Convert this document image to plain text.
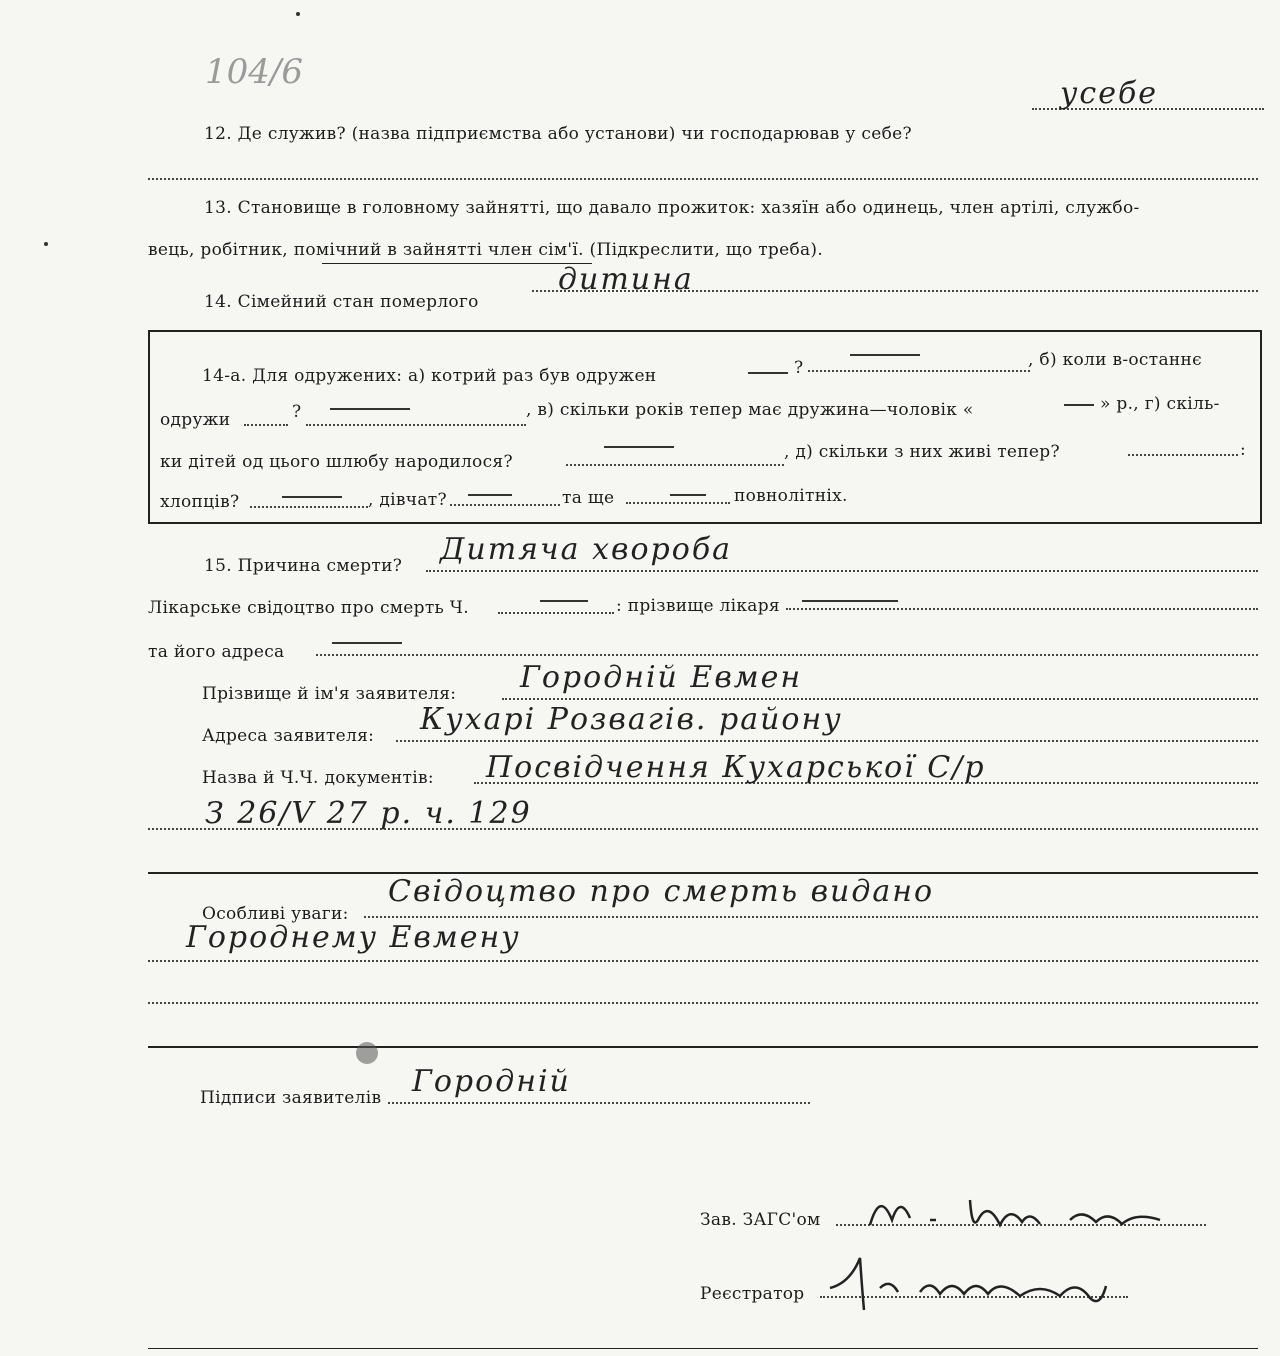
104/6
12. Де служив? (назва підприємства або установи) чи господарював у себе?
усебе
13. Становище в головному зайнятті, що давало прожиток: хазяїн або одинець, член артілі, службо-
вець, робітник, помічний в зайнятті член сім'ї. (Підкреслити, що треба).
14. Сімейний стан померлого
дитина
14-а. Для одружених: а) котрий раз був одружен	?	, б) коли в-останнє
одружи	?	, в) скільки років тепер має дружина—чоловік «	» р., г) скіль-
ки дітей од цього шлюбу народилося?	, д) скільки з них живі тепер?	:
хлопців?	, дівчат?	та ще	повнолітніх.
15. Причина смерти? Дитяча хвороба
Лікарське свідоцтво про смерть Ч.	: прізвище лікаря
та його адреса
Прізвище й ім'я заявителя: Городній Евмен
Адреса заявителя: Кухарі Розвагів. району
Назва й Ч.Ч. документів: Посвідчення Кухарської С/р
З 26/V 27 р. ч. 129
Особливі уваги:
Свідоцтво про смерть видано
Городнему Евмену
Підписи заявителів Городній
Зав. ЗАГС'ом
Реєстратор
